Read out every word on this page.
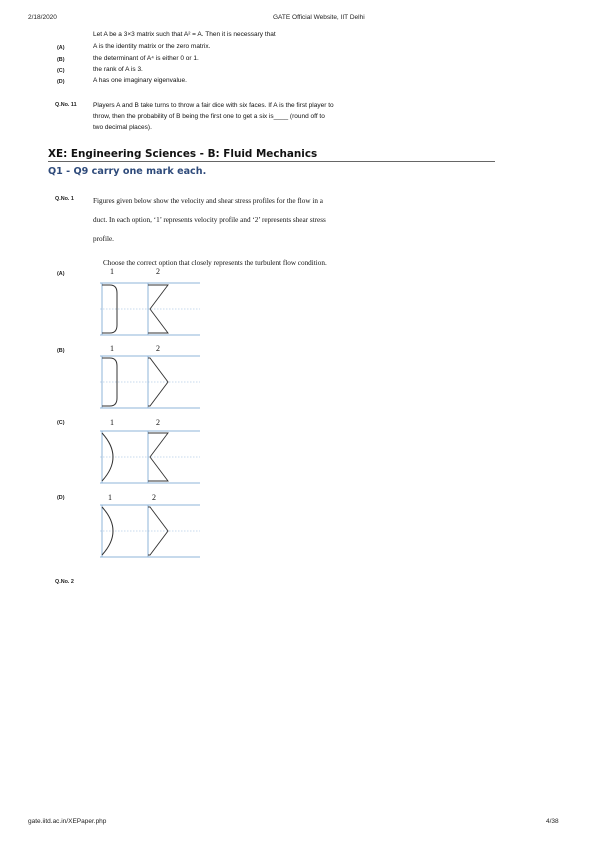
2/18/2020	GATE Official Website, IIT Delhi
Let A be a 3×3 matrix such that A² = A. Then it is necessary that
(A)	A is the identity matrix or the zero matrix.
(B)	the determinant of A⁴ is either 0 or 1.
(C)	the rank of A is 3.
(D)	A has one imaginary eigenvalue.
Q.No. 11	Players A and B take turns to throw a fair dice with six faces. If A is the first player to
throw, then the probability of B being the first one to get a six is____ (round off to
two decimal places).
XE: Engineering Sciences - B: Fluid Mechanics
Q1 - Q9 carry one mark each.
Q.No. 1	Figures given below show the velocity and shear stress profiles for the flow in a
duct. In each option, ‘1’ represents velocity profile and ‘2’ represents shear stress
profile.
Choose the correct option that closely represents the turbulent flow condition.
(A)	1	2
(B)	1	2
(C)	1	2
(D)	1	2
Q.No. 2
gate.iitd.ac.in/XEPaper.php	4/38
